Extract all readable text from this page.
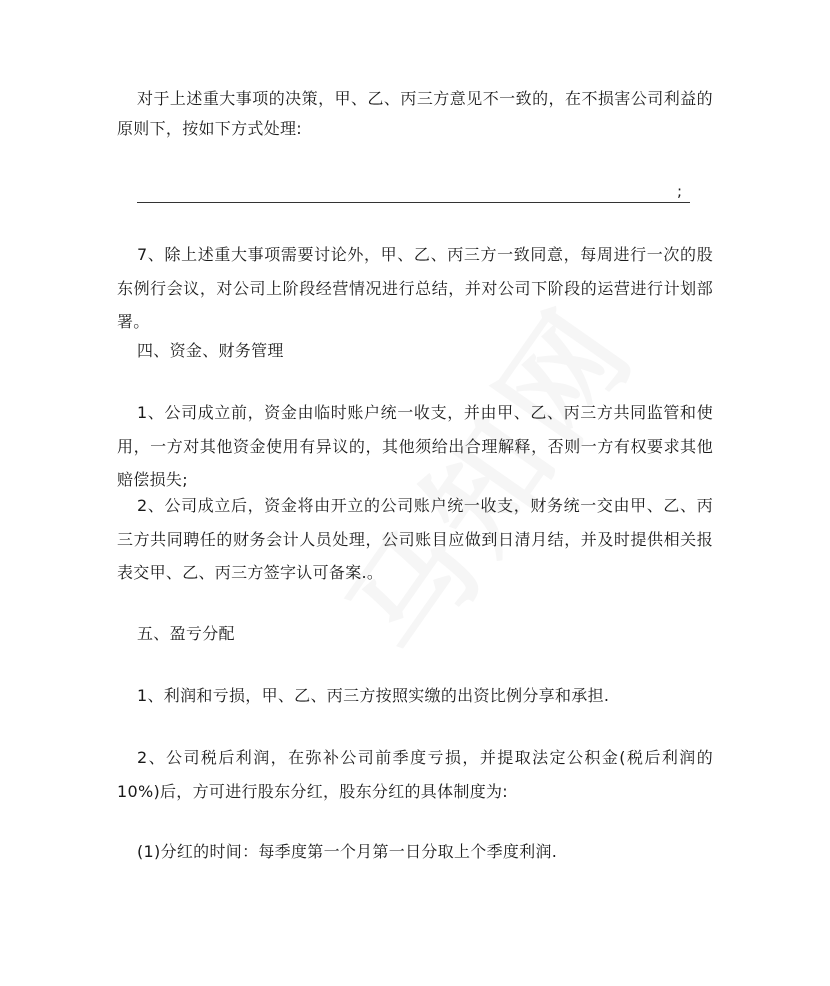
对于上述重大事项的决策，甲、乙、丙三方意见不一致的，在不损害公司利益的原则下，按如下方式处理:

;

7、除上述重大事项需要讨论外，甲、乙、丙三方一致同意，每周进行一次的股东例行会议，对公司上阶段经营情况进行总结，并对公司下阶段的运营进行计划部署。

四、资金、财务管理

1、公司成立前，资金由临时账户统一收支，并由甲、乙、丙三方共同监管和使用，一方对其他资金使用有异议的，其他须给出合理解释，否则一方有权要求其他赔偿损失;

2、公司成立后，资金将由开立的公司账户统一收支，财务统一交由甲、乙、丙三方共同聘任的财务会计人员处理，公司账目应做到日清月结，并及时提供相关报表交甲、乙、丙三方签字认可备案.。

五、盈亏分配

1、利润和亏损，甲、乙、丙三方按照实缴的出资比例分享和承担.

2、公司税后利润，在弥补公司前季度亏损，并提取法定公积金(税后利润的 10%)后，方可进行股东分红，股东分红的具体制度为:

(1)分红的时间：每季度第一个月第一日分取上个季度利润.
